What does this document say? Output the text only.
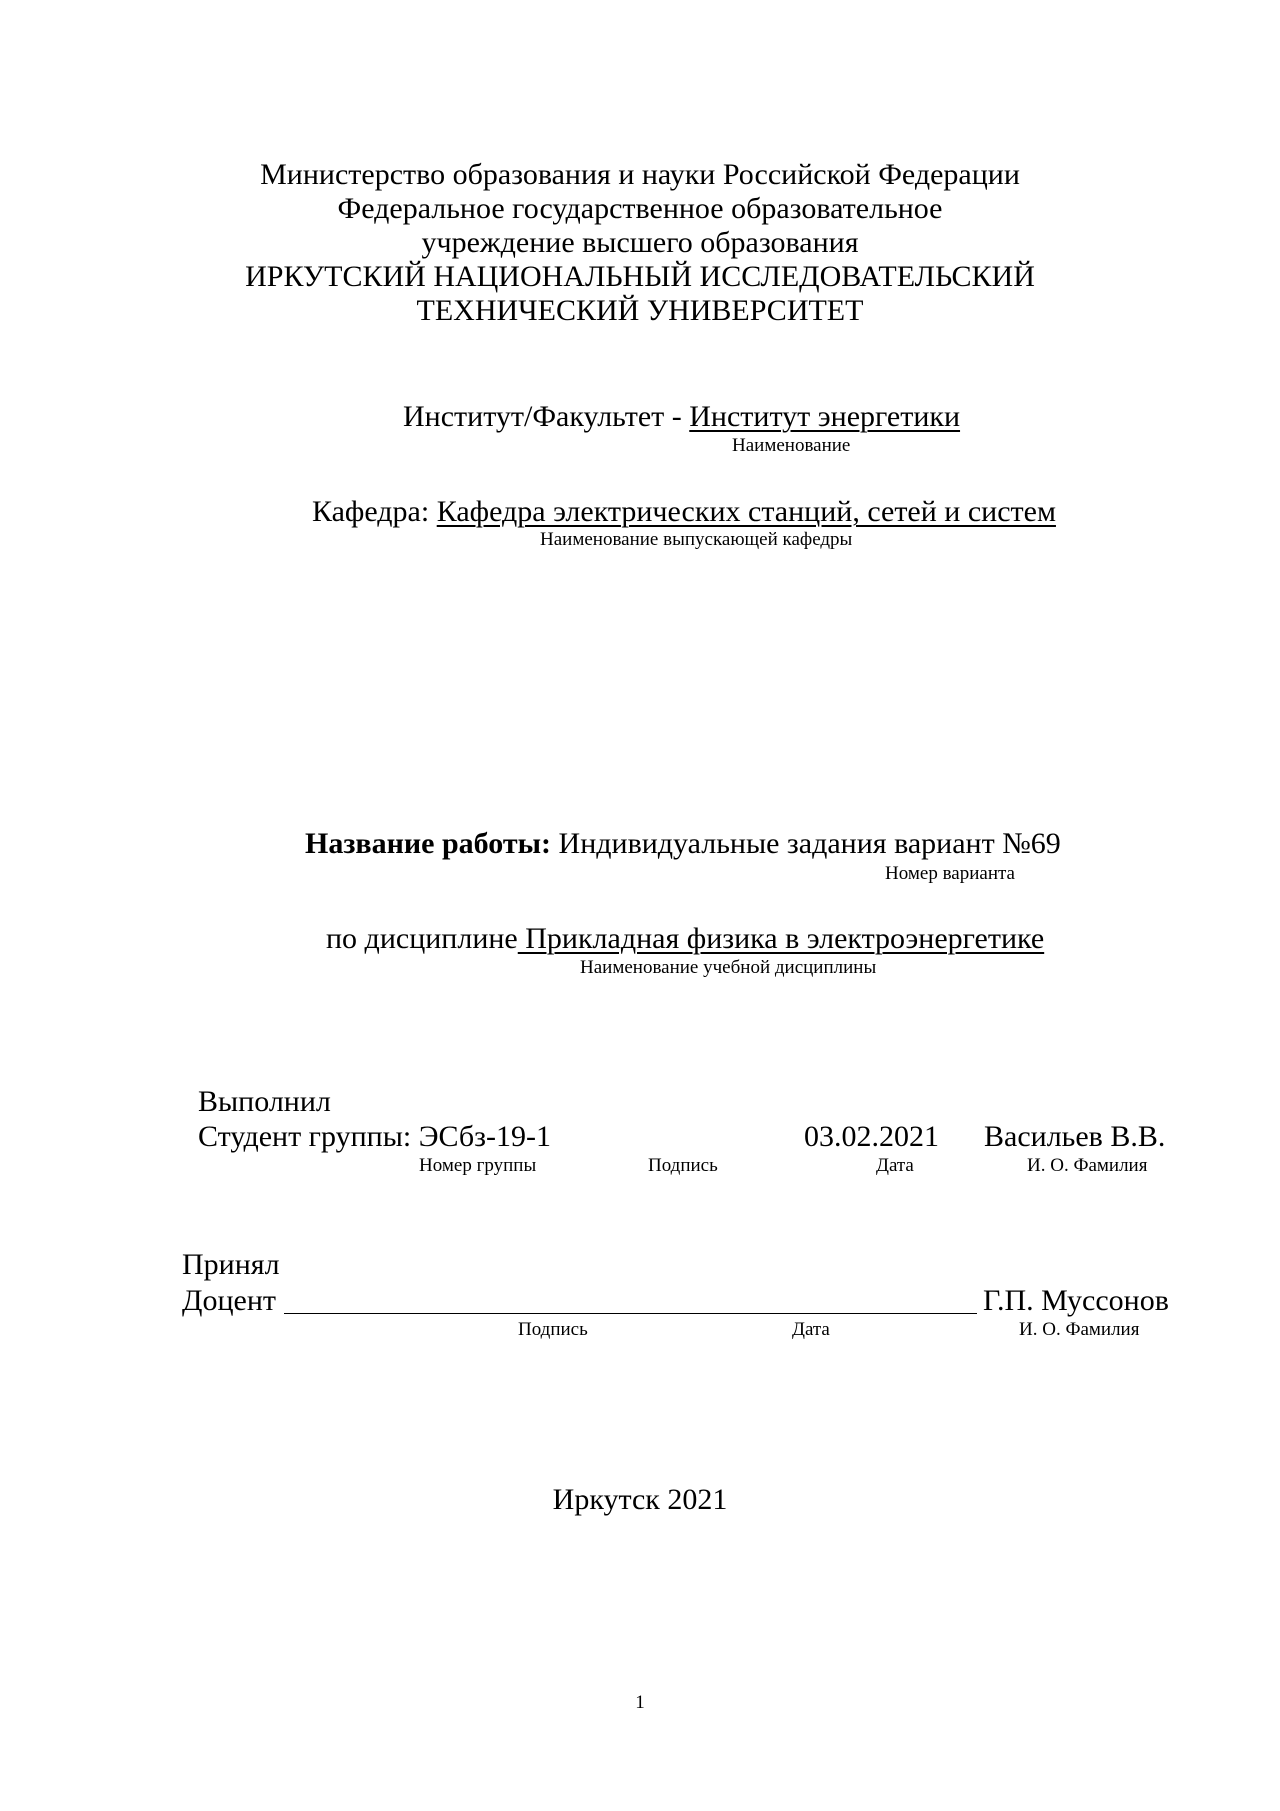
Министерство образования и науки Российской Федерации
Федеральное государственное образовательное
учреждение высшего образования
ИРКУТСКИЙ НАЦИОНАЛЬНЫЙ ИССЛЕДОВАТЕЛЬСКИЙ
ТЕХНИЧЕСКИЙ УНИВЕРСИТЕТ
Институт/Факультет - Институт энергетики
Наименование
Кафедра: Кафедра электрических станций, сетей и систем
Наименование выпускающей кафедры
Название работы: Индивидуальные задания вариант №69
Номер варианта
по дисциплине Прикладная физика в электроэнергетике
Наименование учебной дисциплины
Выполнил
Студент группы: ЭСбз-19-1	03.02.2021 Васильев В.В.
Номер группы	Подпись	Дата	И. О. Фамилия
Принял
Доцент	Г.П. Муссонов
Подпись	Дата	И. О. Фамилия
Иркутск 2021
1
